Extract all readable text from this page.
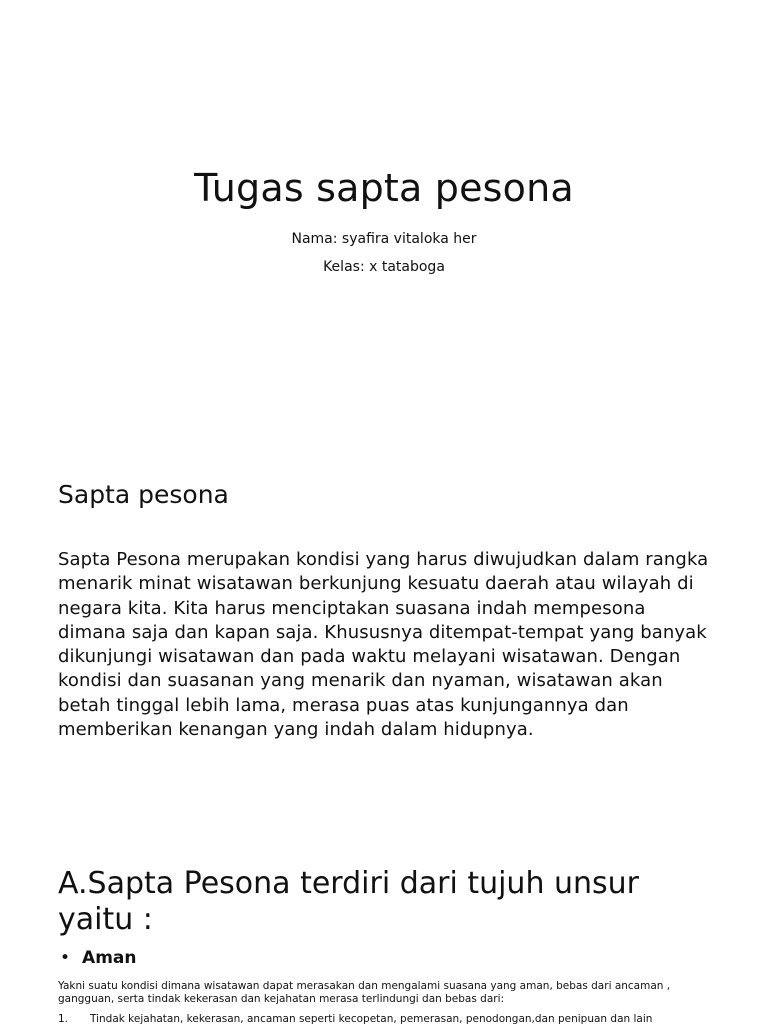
Tugas sapta pesona

Nama: syafira vitaloka her

Kelas: x tataboga

Sapta pesona

Sapta Pesona merupakan kondisi yang harus diwujudkan dalam rangka menarik minat wisatawan berkunjung kesuatu daerah atau wilayah di negara kita. Kita harus menciptakan suasana indah mempesona dimana saja dan kapan saja. Khususnya ditempat-tempat yang banyak dikunjungi wisatawan dan pada waktu melayani wisatawan. Dengan kondisi dan suasanan yang menarik dan nyaman, wisatawan akan betah tinggal lebih lama, merasa puas atas kunjungannya dan memberikan kenangan yang indah dalam hidupnya.

A.Sapta Pesona terdiri dari tujuh unsur yaitu :

• Aman

Yakni suatu kondisi dimana wisatawan dapat merasakan dan mengalami suasana yang aman, bebas dari ancaman , gangguan, serta tindak kekerasan dan kejahatan merasa terlindungi dan bebas dari:

1. Tindak kejahatan, kekerasan, ancaman seperti kecopetan, pemerasan, penodongan,dan penipuan dan lain
